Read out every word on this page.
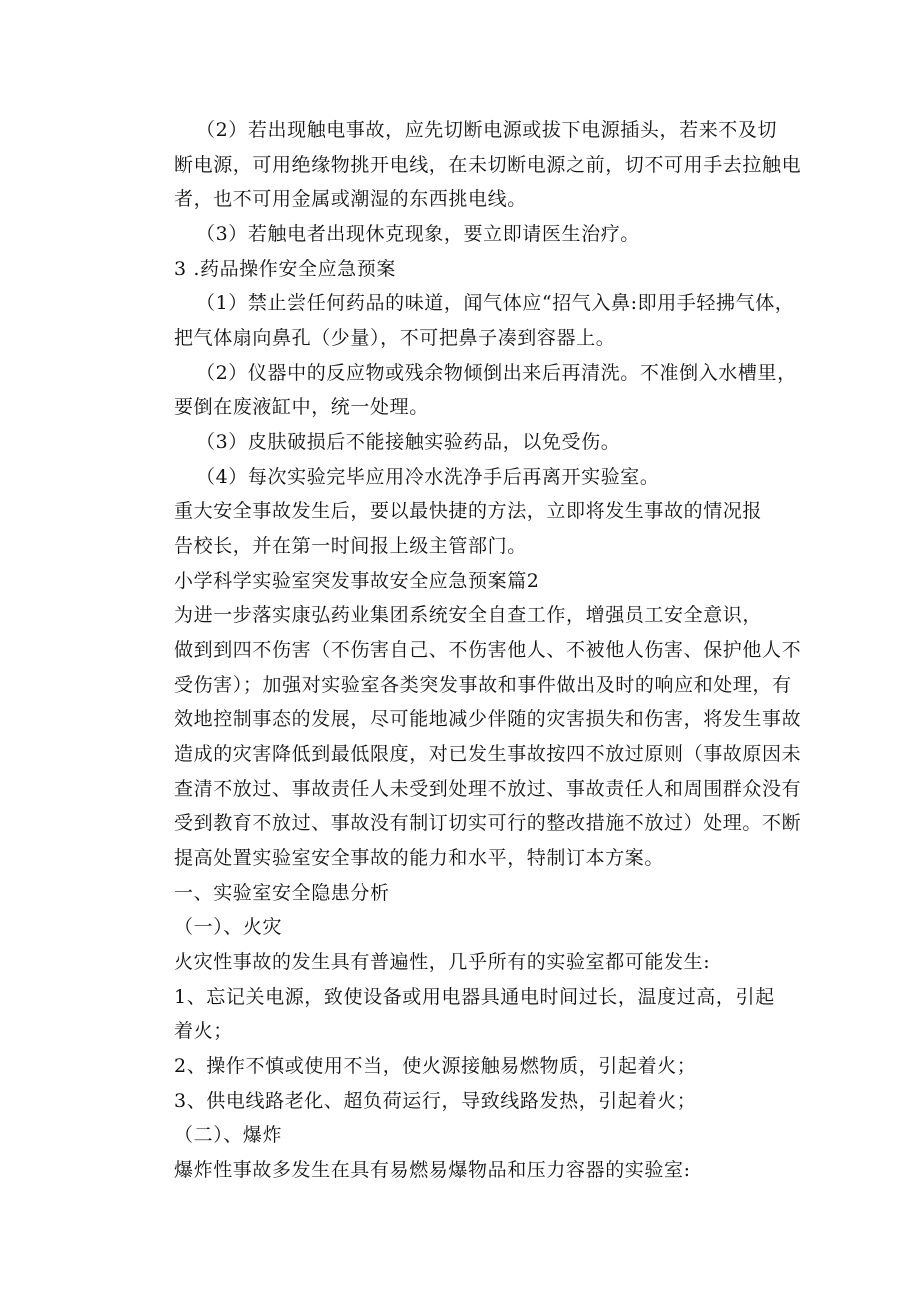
（2）若出现触电事故，应先切断电源或拔下电源插头，若来不及切
断电源，可用绝缘物挑开电线，在未切断电源之前，切不可用手去拉触电
者，也不可用金属或潮湿的东西挑电线。
（3）若触电者出现休克现象，要立即请医生治疗。
3 .药品操作安全应急预案
（1）禁止尝任何药品的味道，闻气体应“招气入鼻:即用手轻拂气体，
把气体扇向鼻孔（少量），不可把鼻子凑到容器上。
（2）仪器中的反应物或残余物倾倒出来后再清洗。不准倒入水槽里，
要倒在废液缸中，统一处理。
（3）皮肤破损后不能接触实验药品，以免受伤。
（4）每次实验完毕应用冷水洗净手后再离开实验室。
重大安全事故发生后，要以最快捷的方法，立即将发生事故的情况报
告校长，并在第一时间报上级主管部门。
小学科学实验室突发事故安全应急预案篇2
为进一步落实康弘药业集团系统安全自查工作，增强员工安全意识，
做到到四不伤害（不伤害自己、不伤害他人、不被他人伤害、保护他人不
受伤害）；加强对实验室各类突发事故和事件做出及时的响应和处理，有
效地控制事态的发展，尽可能地减少伴随的灾害损失和伤害，将发生事故
造成的灾害降低到最低限度，对已发生事故按四不放过原则（事故原因未
查清不放过、事故责任人未受到处理不放过、事故责任人和周围群众没有
受到教育不放过、事故没有制订切实可行的整改措施不放过）处理。不断
提高处置实验室安全事故的能力和水平，特制订本方案。
一、实验室安全隐患分析
（一）、火灾
火灾性事故的发生具有普遍性，几乎所有的实验室都可能发生:
1、忘记关电源，致使设备或用电器具通电时间过长，温度过高，引起
着火；
2、操作不慎或使用不当，使火源接触易燃物质，引起着火；
3、供电线路老化、超负荷运行，导致线路发热，引起着火；
（二）、爆炸
爆炸性事故多发生在具有易燃易爆物品和压力容器的实验室:
